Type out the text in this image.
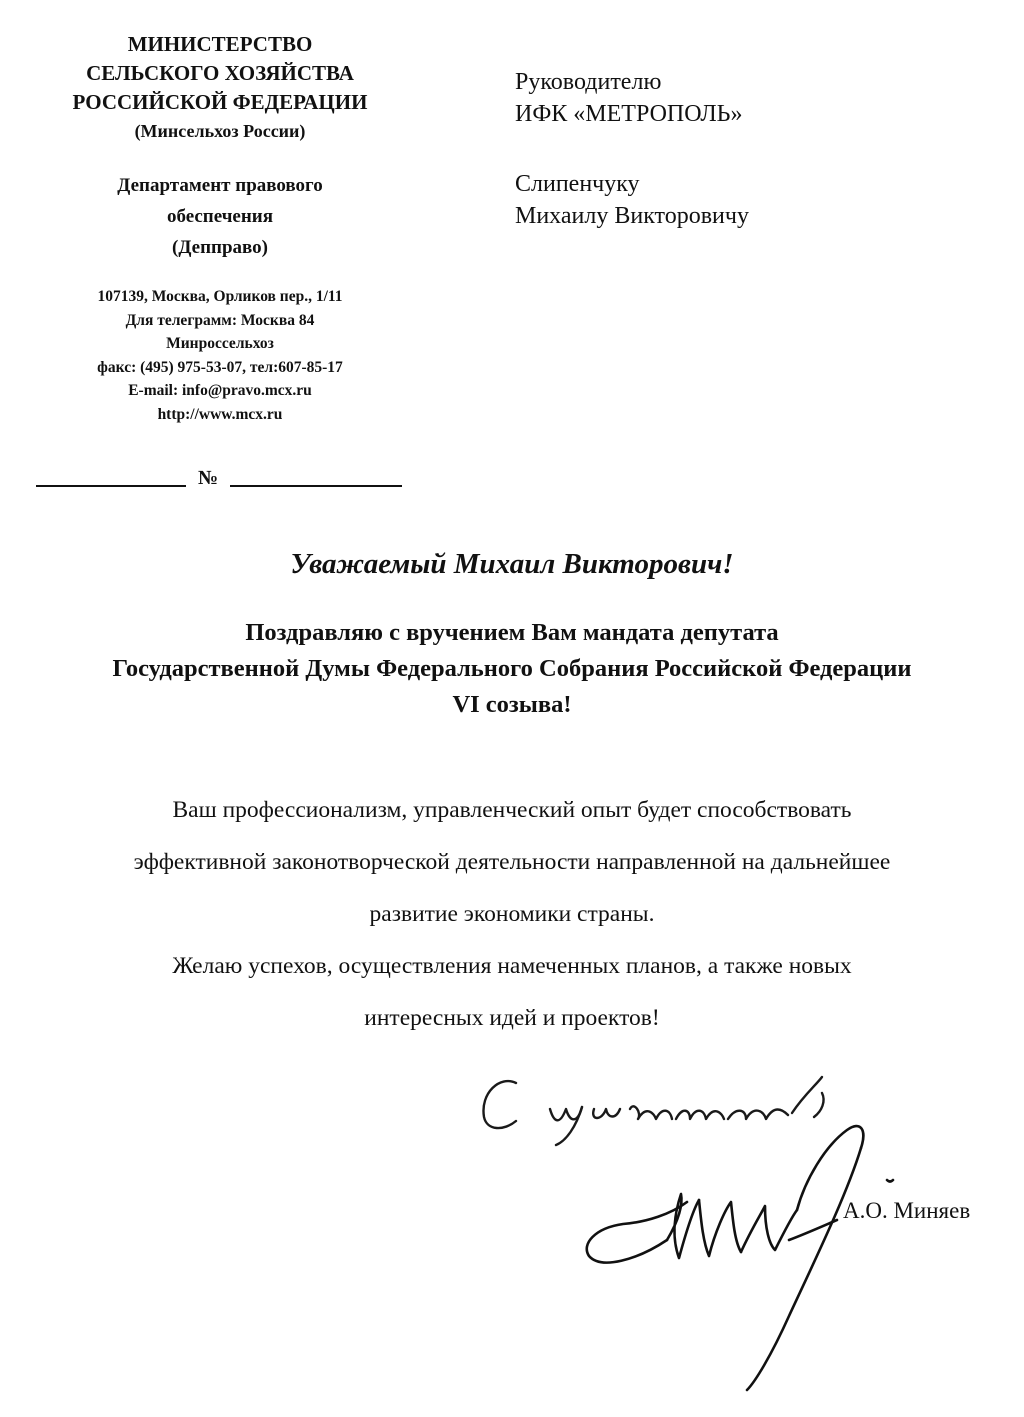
МИНИСТЕРСТВО
СЕЛЬСКОГО ХОЗЯЙСТВА
РОССИЙСКОЙ ФЕДЕРАЦИИ
(Минсельхоз России)
Департамент правового
обеспечения
(Депправо)
107139, Москва, Орликов пер., 1/11
Для телеграмм: Москва 84
Минроссельхоз
факс: (495) 975-53-07, тел:607-85-17
E-mail: info@pravo.mcx.ru
http://www.mcx.ru
№
Руководителю
ИФК «МЕТРОПОЛЬ»
Слипенчуку
Михаилу Викторовичу
Уважаемый Михаил Викторович!
Поздравляю с вручением Вам мандата депутата
Государственной Думы Федерального Собрания Российской Федерации
VI созыва!
Ваш профессионализм, управленческий опыт будет способствовать
эффективной законотворческой деятельности направленной на дальнейшее
развитие экономики страны.
Желаю успехов, осуществления намеченных планов, а также новых
интересных идей и проектов!
А.О. Миняев
